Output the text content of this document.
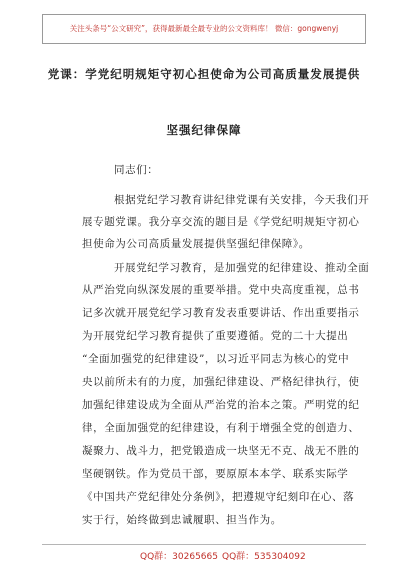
关注头条号“公文研究”，获得最新最全最专业的公文资料库！ 微信：gongwenyj
党课：学党纪明规矩守初心担使命为公司高质量发展提供
坚强纪律保障
同志们：
根据党纪学习教育讲纪律党课有关安排，今天我们开
展专题党课。我分享交流的题目是《学党纪明规矩守初心
担使命为公司高质量发展提供坚强纪律保障》。
开展党纪学习教育，是加强党的纪律建设、推动全面
从严治党向纵深发展的重要举措。党中央高度重视，总书
记多次就开展党纪学习教育发表重要讲话、作出重要指示
为开展党纪学习教育提供了重要遵循。党的二十大提出
“全面加强党的纪律建设”，以习近平同志为核心的党中
央以前所未有的力度，加强纪律建设、严格纪律执行，使
加强纪律建设成为全面从严治党的治本之策。严明党的纪
律，全面加强党的纪律建设，有利于增强全党的创造力、
凝聚力、战斗力，把党锻造成一块坚无不克、战无不胜的
坚硬钢铁。作为党员干部，要原原本本学、联系实际学
《中国共产党纪律处分条例》，把遵规守纪刻印在心、落
实于行，始终做到忠诚履职、担当作为。
QQ群：30265665 QQ群：535304092
